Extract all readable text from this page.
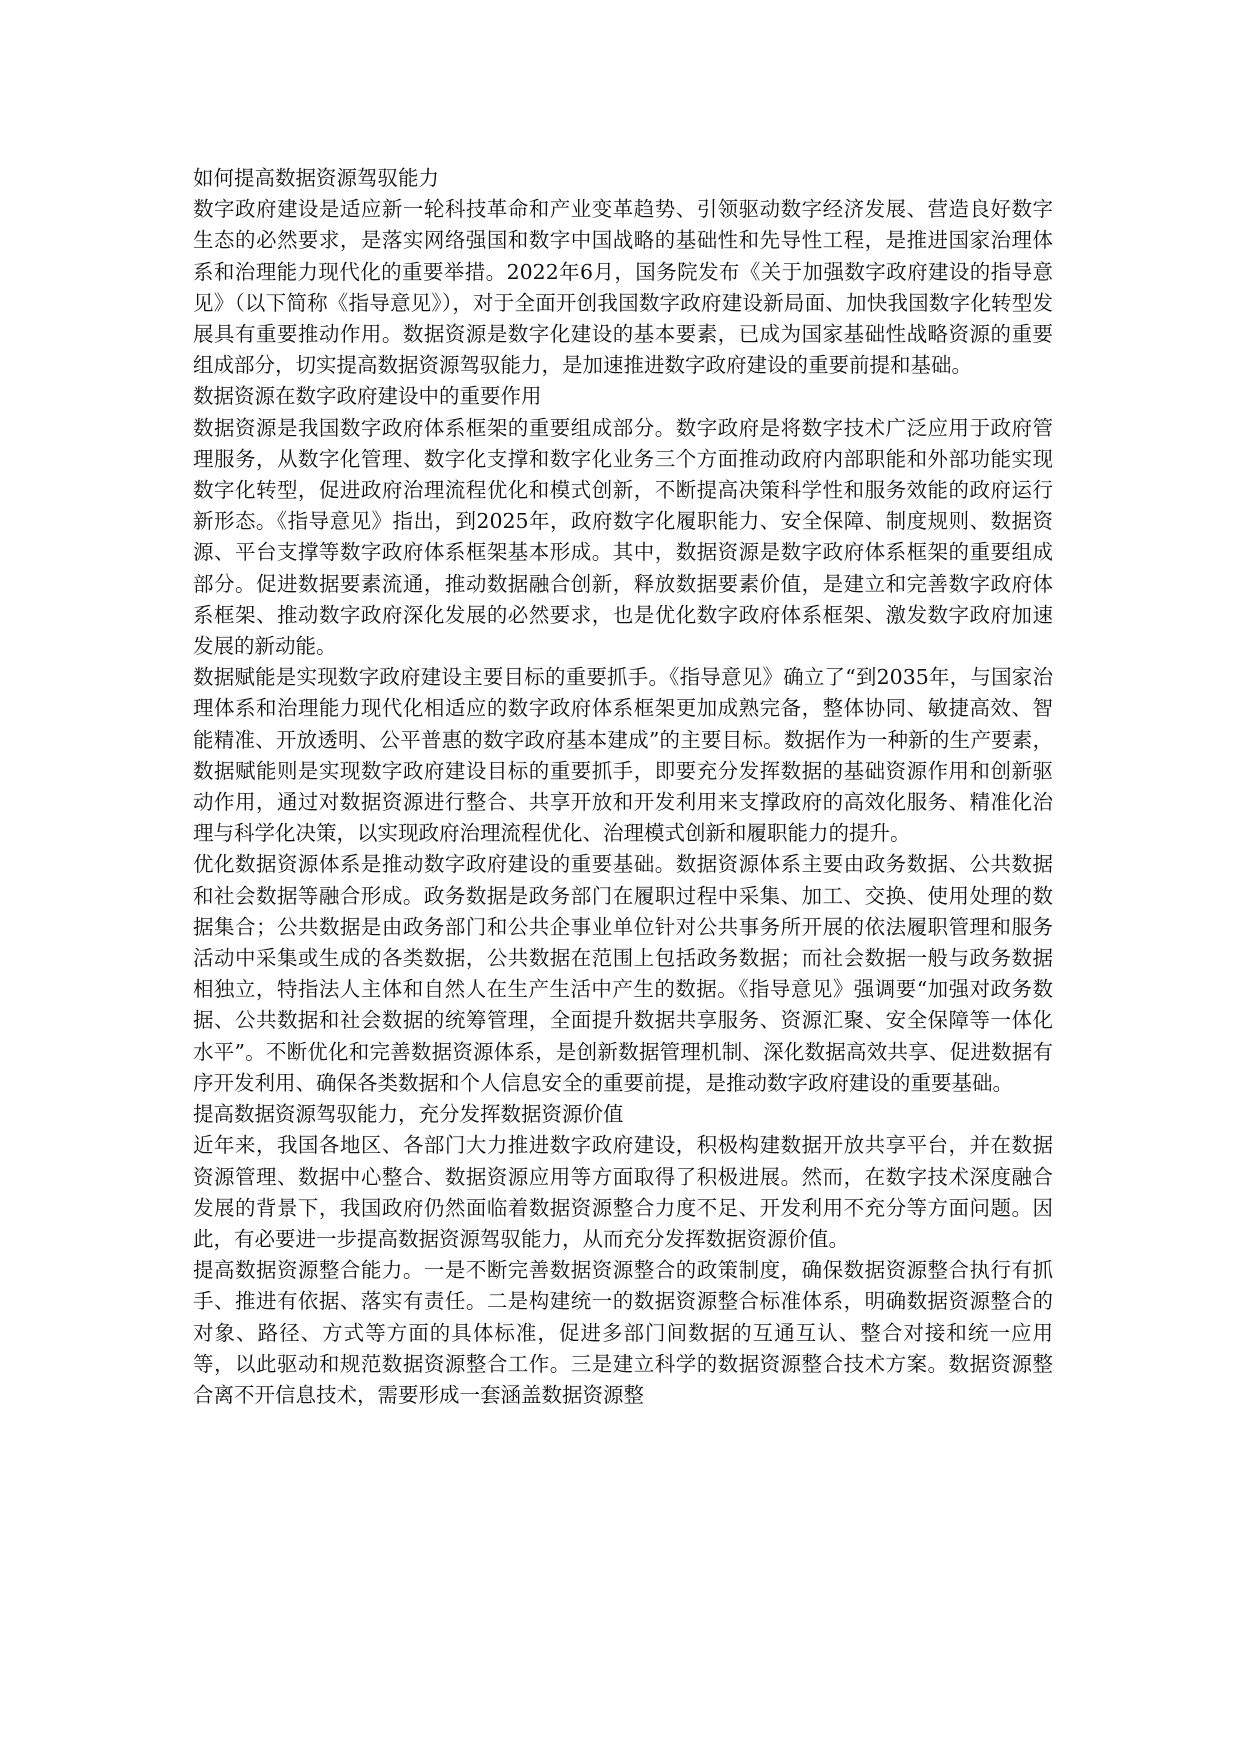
如何提高数据资源驾驭能力

数字政府建设是适应新一轮科技革命和产业变革趋势、引领驱动数字经济发展、营造良好数字生态的必然要求，是落实网络强国和数字中国战略的基础性和先导性工程，是推进国家治理体系和治理能力现代化的重要举措。2022年6月，国务院发布《关于加强数字政府建设的指导意见》（以下简称《指导意见》），对于全面开创我国数字政府建设新局面、加快我国数字化转型发展具有重要推动作用。数据资源是数字化建设的基本要素，已成为国家基础性战略资源的重要组成部分，切实提高数据资源驾驭能力，是加速推进数字政府建设的重要前提和基础。

数据资源在数字政府建设中的重要作用

数据资源是我国数字政府体系框架的重要组成部分。数字政府是将数字技术广泛应用于政府管理服务，从数字化管理、数字化支撑和数字化业务三个方面推动政府内部职能和外部功能实现数字化转型，促进政府治理流程优化和模式创新，不断提高决策科学性和服务效能的政府运行新形态。《指导意见》指出，到2025年，政府数字化履职能力、安全保障、制度规则、数据资源、平台支撑等数字政府体系框架基本形成。其中，数据资源是数字政府体系框架的重要组成部分。促进数据要素流通，推动数据融合创新，释放数据要素价值，是建立和完善数字政府体系框架、推动数字政府深化发展的必然要求，也是优化数字政府体系框架、激发数字政府加速发展的新动能。

数据赋能是实现数字政府建设主要目标的重要抓手。《指导意见》确立了“到2035年，与国家治理体系和治理能力现代化相适应的数字政府体系框架更加成熟完备，整体协同、敏捷高效、智能精准、开放透明、公平普惠的数字政府基本建成”的主要目标。数据作为一种新的生产要素，数据赋能则是实现数字政府建设目标的重要抓手，即要充分发挥数据的基础资源作用和创新驱动作用，通过对数据资源进行整合、共享开放和开发利用来支撑政府的高效化服务、精准化治理与科学化决策，以实现政府治理流程优化、治理模式创新和履职能力的提升。

优化数据资源体系是推动数字政府建设的重要基础。数据资源体系主要由政务数据、公共数据和社会数据等融合形成。政务数据是政务部门在履职过程中采集、加工、交换、使用处理的数据集合；公共数据是由政务部门和公共企事业单位针对公共事务所开展的依法履职管理和服务活动中采集或生成的各类数据，公共数据在范围上包括政务数据；而社会数据一般与政务数据相独立，特指法人主体和自然人在生产生活中产生的数据。《指导意见》强调要“加强对政务数据、公共数据和社会数据的统筹管理，全面提升数据共享服务、资源汇聚、安全保障等一体化水平”。不断优化和完善数据资源体系，是创新数据管理机制、深化数据高效共享、促进数据有序开发利用、确保各类数据和个人信息安全的重要前提，是推动数字政府建设的重要基础。

提高数据资源驾驭能力，充分发挥数据资源价值

近年来，我国各地区、各部门大力推进数字政府建设，积极构建数据开放共享平台，并在数据资源管理、数据中心整合、数据资源应用等方面取得了积极进展。然而，在数字技术深度融合发展的背景下，我国政府仍然面临着数据资源整合力度不足、开发利用不充分等方面问题。因此，有必要进一步提高数据资源驾驭能力，从而充分发挥数据资源价值。

提高数据资源整合能力。一是不断完善数据资源整合的政策制度，确保数据资源整合执行有抓手、推进有依据、落实有责任。二是构建统一的数据资源整合标准体系，明确数据资源整合的对象、路径、方式等方面的具体标准，促进多部门间数据的互通互认、整合对接和统一应用等，以此驱动和规范数据资源整合工作。三是建立科学的数据资源整合技术方案。数据资源整合离不开信息技术，需要形成一套涵盖数据资源整
